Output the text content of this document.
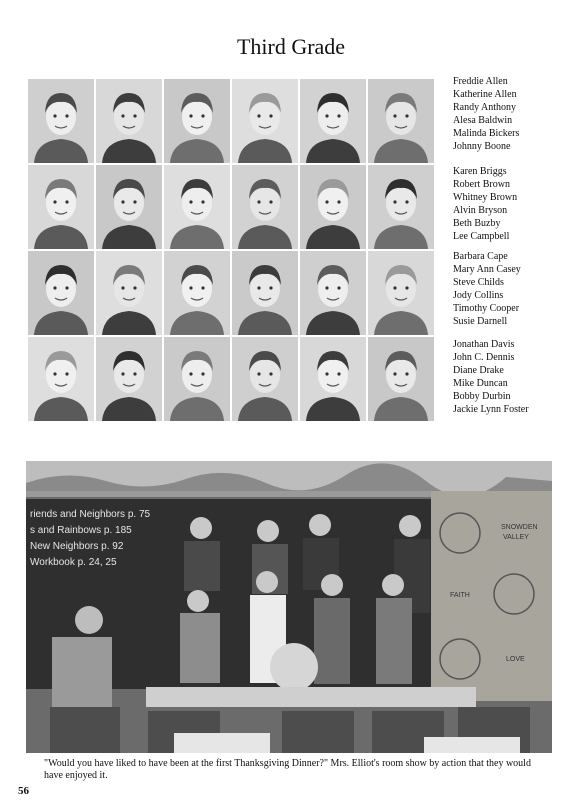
Third Grade
Freddie Allen
Katherine Allen
Randy Anthony
Alesa Baldwin
Malinda Bickers
Johnny Boone
Karen Briggs
Robert Brown
Whitney Brown
Alvin Bryson
Beth Buzby
Lee Campbell
Barbara Cape
Mary Ann Casey
Steve Childs
Jody Collins
Timothy Cooper
Susie Darnell
Jonathan Davis
John C. Dennis
Diane Drake
Mike Duncan
Bobby Durbin
Jackie Lynn Foster
riends and Neighbors p. 75
s and Rainbows p. 185
New Neighbors p. 92
Workbook p. 24, 25
SNOWDEN
VALLEY
FAITH
LOVE
"Would you have liked to have been at the first Thanksgiving Dinner?" Mrs. Elliot's room show by action that they would have enjoyed it.
56
